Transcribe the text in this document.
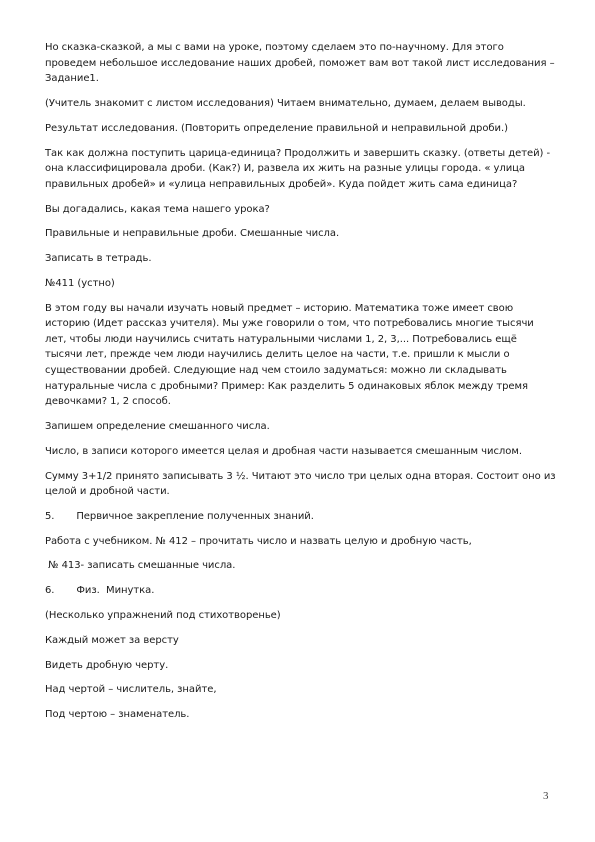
Но сказка-сказкой, а мы с вами на уроке, поэтому сделаем это по-научному. Для этого проведем небольшое исследование наших дробей, поможет вам вот такой лист исследования –Задание1.

(Учитель знакомит с листом исследования) Читаем внимательно, думаем, делаем выводы.

Результат исследования. (Повторить определение правильной и неправильной дроби.)

Так как должна поступить царица-единица? Продолжить и завершить сказку. (ответы детей) - она классифицировала дроби. (Как?) И, развела их жить на разные улицы города. « улица правильных дробей» и «улица неправильных дробей». Куда пойдет жить сама единица?

Вы догадались, какая тема нашего урока?

Правильные и неправильные дроби. Смешанные числа.

Записать в тетрадь.

№411 (устно)

В этом году вы начали изучать новый предмет – историю. Математика тоже имеет свою историю (Идет рассказ учителя). Мы уже говорили о том, что потребовались многие тысячи лет, чтобы люди научились считать натуральными числами 1, 2, 3,... Потребовались ещё тысячи лет, прежде чем люди научились делить целое на части, т.е. пришли к мысли о существовании дробей. Следующие над чем стоило задуматься: можно ли складывать натуральные числа с дробными? Пример: Как разделить 5 одинаковых яблок между тремя девочками? 1, 2 способ.

Запишем определение смешанного числа.

Число, в записи которого имеется целая и дробная части называется смешанным числом.

Сумму 3+1/2 принято записывать 3 ½. Читают это число три целых одна вторая. Состоит оно из целой и дробной части.

5.       Первичное закрепление полученных знаний.

Работа с учебником. № 412 – прочитать число и назвать целую и дробную часть,

№ 413- записать смешанные числа.

6.       Физ.  Минутка.

(Несколько упражнений под стихотворенье)

Каждый может за версту

Видеть дробную черту.

Над чертой – числитель, знайте,

Под чертою – знаменатель.

3
